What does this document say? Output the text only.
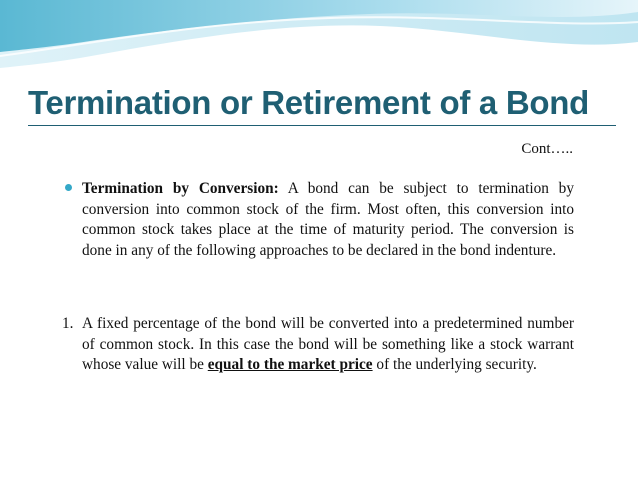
Termination or Retirement of a Bond
Cont…..

Termination by Conversion: A bond can be subject to termination by conversion into common stock of the firm. Most often, this conversion into common stock takes place at the time of maturity period. The conversion is done in any of the following approaches to be declared in the bond indenture.

1. A fixed percentage of the bond will be converted into a predetermined number of common stock. In this case the bond will be something like a stock warrant whose value will be equal to the market price of the underlying security.
